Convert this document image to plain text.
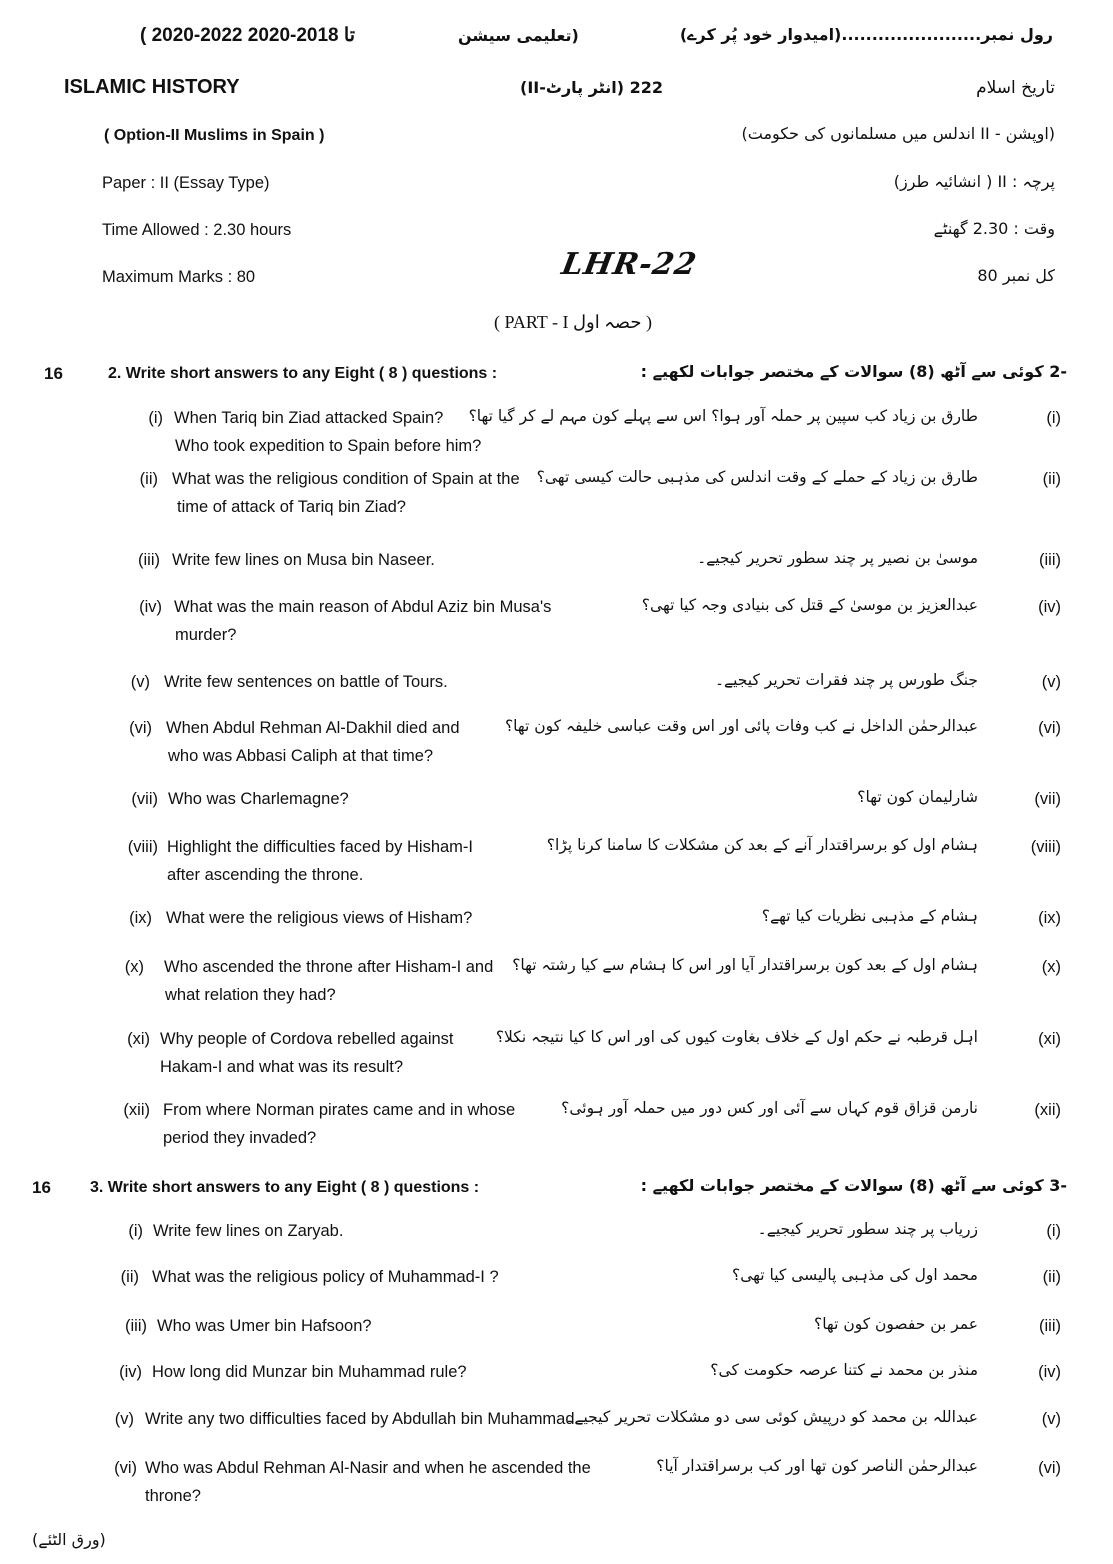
رول نمبر.......................(امیدوار خود پُر کرے)
( 2020-2022 تا 2018-2020	(تعلیمی سیشن
ISLAMIC HISTORY	222 (انٹر پارٹ-II)	تاریخ اسلام
( Option-II Muslims in Spain )	(اوپشن - II اندلس میں مسلمانوں کی حکومت)
Paper : II (Essay Type)	پرچہ : II ( انشائیہ طرز)
Time Allowed : 2.30 hours	وقت : 2.30 گھنٹے
Maximum Marks : 80	LHR-22	کل نمبر 80
( PART - I حصہ اول )
16	2. Write short answers to any Eight ( 8 ) questions :	-2 کوئی سے آٹھ (8) سوالات کے مختصر جوابات لکھیے :
(i) When Tariq bin Ziad attacked Spain?
Who took expedition to Spain before him?
طارق بن زیاد کب سپین پر حملہ آور ہوا؟ اس سے پہلے کون مہم لے کر گیا تھا؟	(i)
(ii) What was the religious condition of Spain at the
time of attack of Tariq bin Ziad?
طارق بن زیاد کے حملے کے وقت اندلس کی مذہبی حالت کیسی تھی؟	(ii)
(iii) Write few lines on Musa bin Naseer.	موسیٰ بن نصیر پر چند سطور تحریر کیجیے۔	(iii)
(iv) What was the main reason of Abdul Aziz bin Musa's
murder?
عبدالعزیز بن موسیٰ کے قتل کی بنیادی وجہ کیا تھی؟	(iv)
(v) Write few sentences on battle of Tours.	جنگ طورس پر چند فقرات تحریر کیجیے۔	(v)
(vi) When Abdul Rehman Al-Dakhil died and
who was Abbasi Caliph at that time?
عبدالرحمٰن الداخل نے کب وفات پائی اور اس وقت عباسی خلیفہ کون تھا؟	(vi)
(vii) Who was Charlemagne?	شارلیمان کون تھا؟	(vii)
(viii) Highlight the difficulties faced by Hisham-I
after ascending the throne.
ہشام اول کو برسراقتدار آنے کے بعد کن مشکلات کا سامنا کرنا پڑا؟	(viii)
(ix) What were the religious views of Hisham?	ہشام کے مذہبی نظریات کیا تھے؟	(ix)
(x) Who ascended the throne after Hisham-I and
what relation they had?
ہشام اول کے بعد کون برسراقتدار آیا اور اس کا ہشام سے کیا رشتہ تھا؟	(x)
(xi) Why people of Cordova rebelled against
Hakam-I and what was its result?
اہل قرطبہ نے حکم اول کے خلاف بغاوت کیوں کی اور اس کا کیا نتیجہ نکلا؟	(xi)
(xii) From where Norman pirates came and in whose
period they invaded?
نارمن قزاق قوم کہاں سے آئی اور کس دور میں حملہ آور ہوئی؟	(xii)
16 3. Write short answers to any Eight ( 8 ) questions :	-3 کوئی سے آٹھ (8) سوالات کے مختصر جوابات لکھیے :
(i) Write few lines on Zaryab.	زریاب پر چند سطور تحریر کیجیے۔	(i)
(ii) What was the religious policy of Muhammad-I ?	محمد اول کی مذہبی پالیسی کیا تھی؟	(ii)
(iii) Who was Umer bin Hafsoon?	عمر بن حفصون کون تھا؟	(iii)
(iv) How long did Munzar bin Muhammad rule?	منذر بن محمد نے کتنا عرصہ حکومت کی؟	(iv)
(v) Write any two difficulties faced by Abdullah bin Muhammad.
عبداللہ بن محمد کو درپیش کوئی سی دو مشکلات تحریر کیجیے۔	(v)
(vi) Who was Abdul Rehman Al-Nasir and when he ascended the
throne?
عبدالرحمٰن الناصر کون تھا اور کب برسراقتدار آیا؟	(vi)
(ورق الٹئے)
